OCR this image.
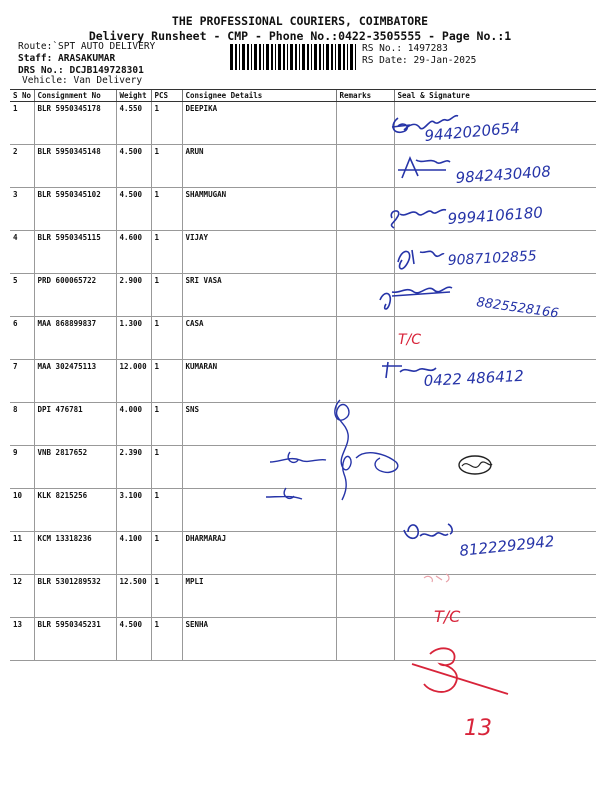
THE PROFESSIONAL COURIERS, COIMBATORE
Delivery Runsheet - CMP - Phone No.:0422-3505555 - Page No.:1
Route:`SPT AUTO DELIVERY
Staff: ARASAKUMAR
DRS No.: DCJB149728301
Vehicle: Van Delivery
RS No.: 1497283
RS Date: 29-Jan-2025
S No	Consignment No	Weight	PCS	Consignee Details	Remarks	Seal & Signature
1	BLR 5950345178	4.550	1	DEEPIKA		
2	BLR 5950345148	4.500	1	ARUN		
3	BLR 5950345102	4.500	1	SHAMMUGAN		
4	BLR 5950345115	4.600	1	VIJAY		
5	PRD 600065722	2.900	1	SRI VASA		
6	MAA 868899837	1.300	1	CASA		
7	MAA 302475113	12.000	1	KUMARAN		
8	DPI 476781	4.000	1	SNS		
9	VNB 2817652	2.390	1			
10	KLK 8215256	3.100	1			
11	KCM 13318236	4.100	1	DHARMARAJ		
12	BLR 5301289532	12.500	1	MPLI		
13	BLR 5950345231	4.500	1	SENHA		
9442020654
9842430408
9994106180
9087102855
8825528166
T/C
0422 486412
8122292942
T/C
13
